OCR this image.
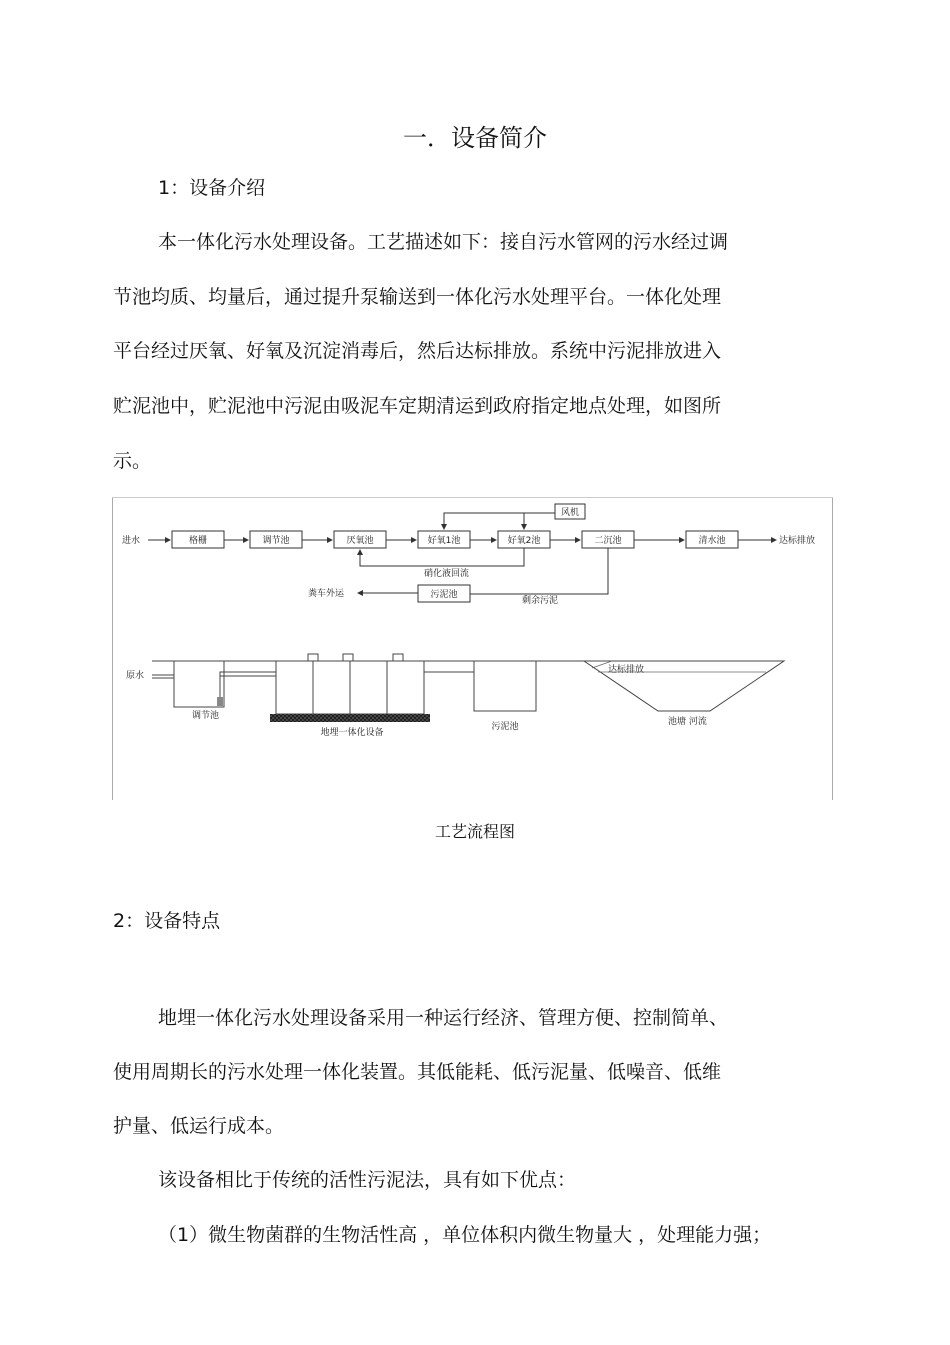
一．设备简介
1：设备介绍
本一体化污水处理设备。工艺描述如下：接自污水管网的污水经过调
节池均质、均量后，通过提升泵输送到一体化污水处理平台。一体化处理
平台经过厌氧、好氧及沉淀消毒后，然后达标排放。系统中污泥排放进入
贮泥池中，贮泥池中污泥由吸泥车定期清运到政府指定地点处理，如图所
示。
进水	格栅	调节池	厌氧池	好氧1池	好氧2池	二沉池	清水池	达标排放
风机
硝化液回流
剩余污泥
污泥池
粪车外运
原水
调节池
地埋一体化设备
污泥池
达标排放
池塘 河流
工艺流程图
2：设备特点
地埋一体化污水处理设备采用一种运行经济、管理方便、控制简单、
使用周期长的污水处理一体化装置。其低能耗、低污泥量、低噪音、低维
护量、低运行成本。
该设备相比于传统的活性污泥法，具有如下优点：
（1）微生物菌群的生物活性高 ，单位体积内微生物量大 ，处理能力强；
